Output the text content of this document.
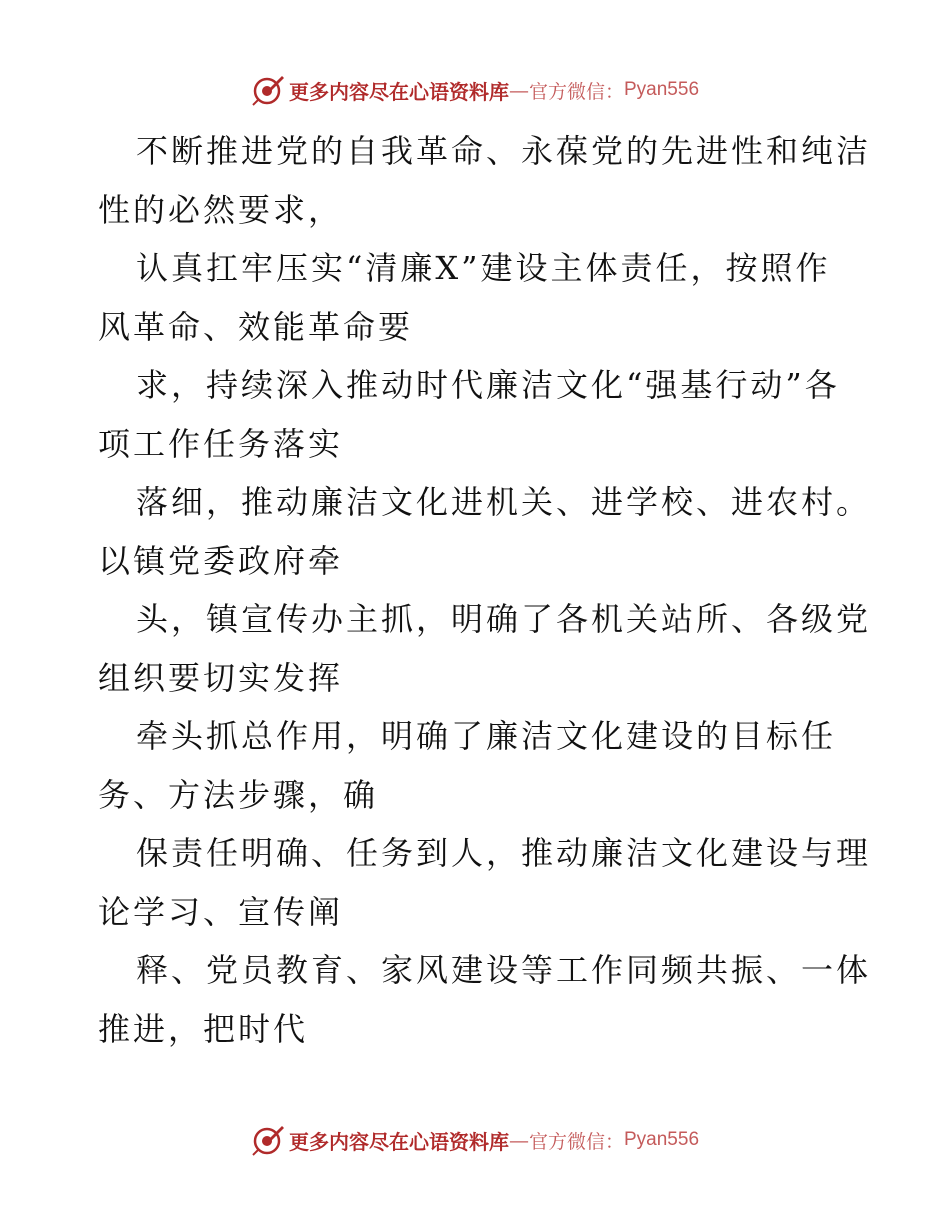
更多内容尽在心语资料库 — 官方微信： Pyan556
不断推进党的自我革命、永葆党的先进性和纯洁
性的必然要求，
认真扛牢压实“清廉X”建设主体责任，按照作
风革命、效能革命要
求，持续深入推动时代廉洁文化“强基行动”各
项工作任务落实
落细，推动廉洁文化进机关、进学校、进农村。
以镇党委政府牵
头，镇宣传办主抓，明确了各机关站所、各级党
组织要切实发挥
牵头抓总作用，明确了廉洁文化建设的目标任
务、方法步骤，确
保责任明确、任务到人，推动廉洁文化建设与理
论学习、宣传阐
释、党员教育、家风建设等工作同频共振、一体
推进，把时代
更多内容尽在心语资料库 — 官方微信： Pyan556
